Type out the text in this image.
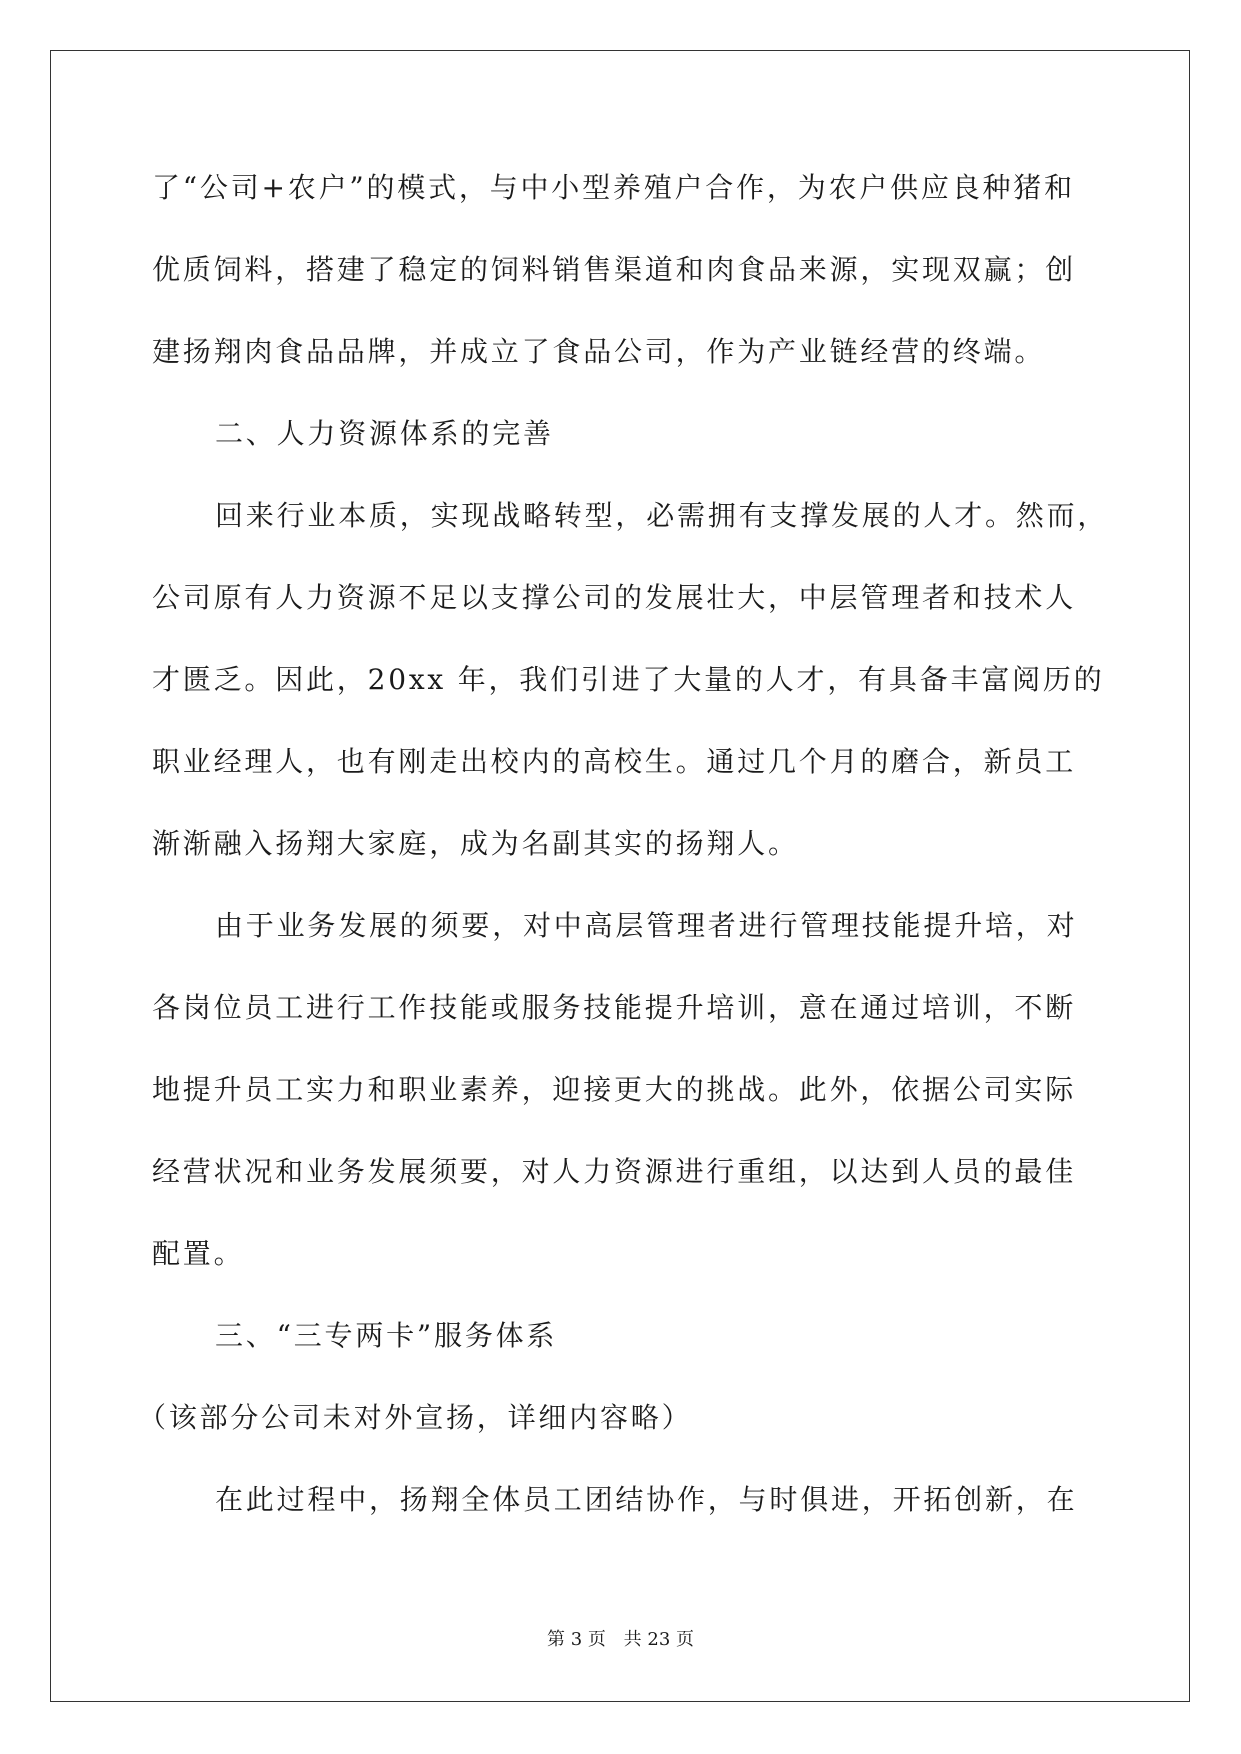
了“公司+农户”的模式，与中小型养殖户合作，为农户供应良种猪和
优质饲料，搭建了稳定的饲料销售渠道和肉食品来源，实现双赢；创
建扬翔肉食品品牌，并成立了食品公司，作为产业链经营的终端。
二、人力资源体系的完善
回来行业本质，实现战略转型，必需拥有支撑发展的人才。然而，
公司原有人力资源不足以支撑公司的发展壮大，中层管理者和技术人
才匮乏。因此，20xx 年，我们引进了大量的人才，有具备丰富阅历的
职业经理人，也有刚走出校内的高校生。通过几个月的磨合，新员工
渐渐融入扬翔大家庭，成为名副其实的扬翔人。
由于业务发展的须要，对中高层管理者进行管理技能提升培，对
各岗位员工进行工作技能或服务技能提升培训，意在通过培训，不断
地提升员工实力和职业素养，迎接更大的挑战。此外，依据公司实际
经营状况和业务发展须要，对人力资源进行重组，以达到人员的最佳
配置。
三、“三专两卡”服务体系
（该部分公司未对外宣扬，详细内容略）
在此过程中，扬翔全体员工团结协作，与时俱进，开拓创新，在
第 3 页 共 23 页
